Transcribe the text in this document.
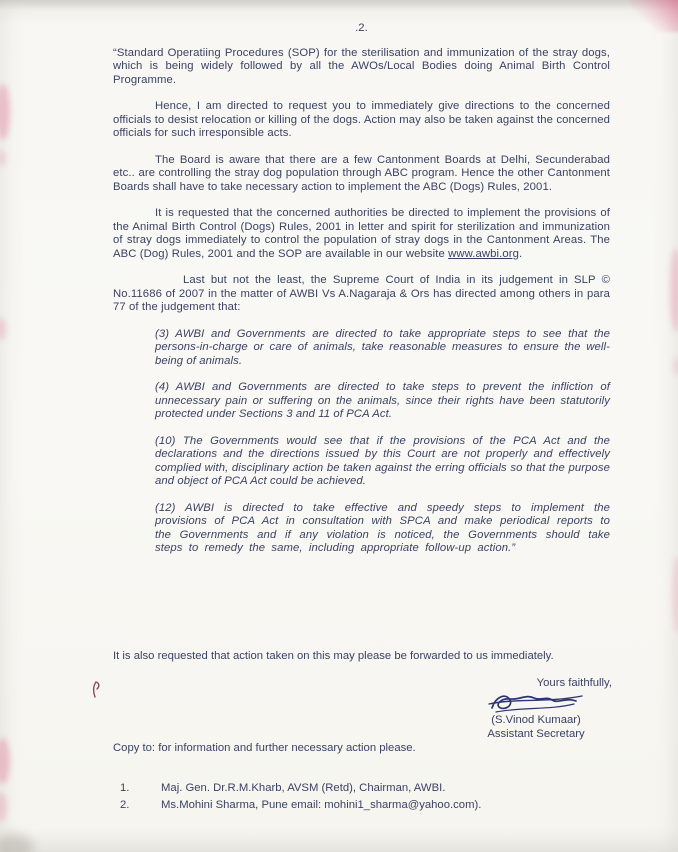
.2.

“Standard Operatiing Procedures (SOP) for the sterilisation and immunization of the stray dogs, which is being widely followed by all the AWOs/Local Bodies doing Animal Birth Control Programme.

Hence, I am directed to request you to immediately give directions to the concerned officials to desist relocation or killing of the dogs. Action may also be taken against the concerned officials for such irresponsible acts.

The Board is aware that there are a few Cantonment Boards at Delhi, Secunderabad etc.. are controlling the stray dog population through ABC program. Hence the other Cantonment Boards shall have to take necessary action to implement the ABC (Dogs) Rules, 2001.

It is requested that the concerned authorities be directed to implement the provisions of the Animal Birth Control (Dogs) Rules, 2001 in letter and spirit for sterilization and immunization of stray dogs immediately to control the population of stray dogs in the Cantonment Areas. The ABC (Dog) Rules, 2001 and the SOP are available in our website www.awbi.org.

Last but not the least, the Supreme Court of India in its judgement in SLP © No.11686 of 2007 in the matter of AWBI Vs A.Nagaraja & Ors has directed among others in para 77 of the judgement that:

(3) AWBI and Governments are directed to take appropriate steps to see that the persons-in-charge or care of animals, take reasonable measures to ensure the well-being of animals.

(4) AWBI and Governments are directed to take steps to prevent the infliction of unnecessary pain or suffering on the animals, since their rights have been statutorily protected under Sections 3 and 11 of PCA Act.

(10) The Governments would see that if the provisions of the PCA Act and the declarations and the directions issued by this Court are not properly and effectively complied with, disciplinary action be taken against the erring officials so that the purpose and object of PCA Act could be achieved.

(12) AWBI is directed to take effective and speedy steps to implement the provisions of PCA Act in consultation with SPCA and make periodical reports to the Governments and if any violation is noticed, the Governments should take steps to remedy the same, including appropriate follow-up action.”

It is also requested that action taken on this may please be forwarded to us immediately.

Yours faithfully,
(S.Vinod Kumaar)
Assistant Secretary
Copy to: for information and further necessary action please.
1.	Maj. Gen. Dr.R.M.Kharb, AVSM (Retd), Chairman, AWBI.
2.	Ms.Mohini Sharma, Pune email: mohini1_sharma@yahoo.com).
